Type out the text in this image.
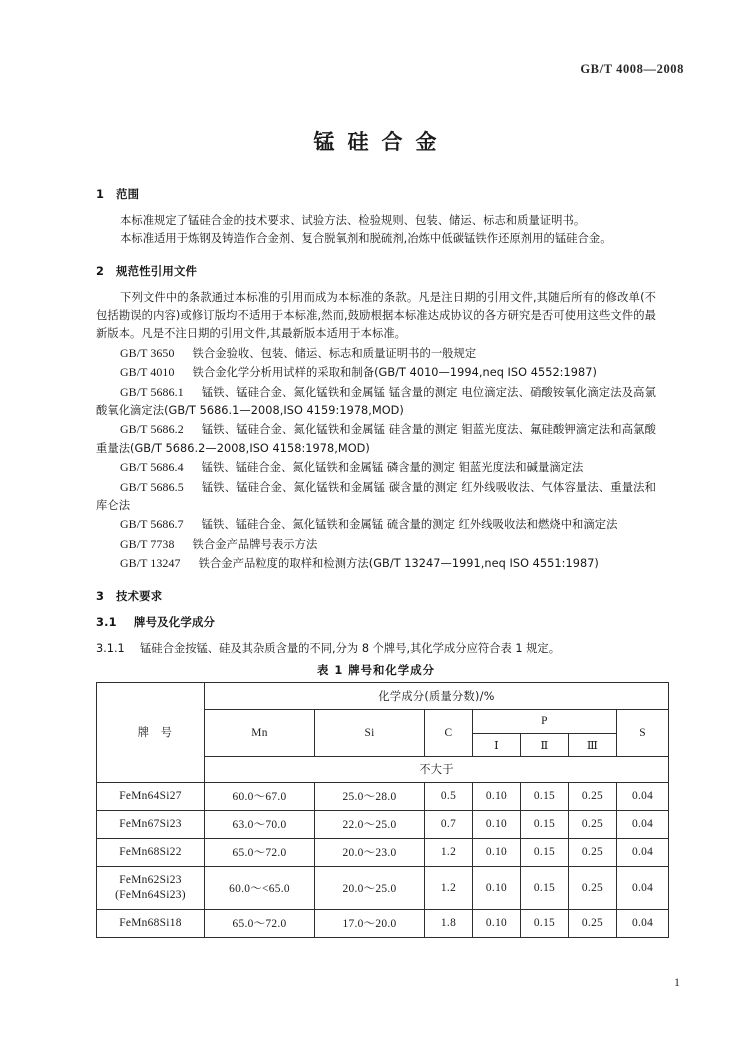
GB/T 4008—2008
锰硅合金
1 范围

本标准规定了锰硅合金的技术要求、试验方法、检验规则、包装、储运、标志和质量证明书。

本标准适用于炼钢及铸造作合金剂、复合脱氧剂和脱硫剂,冶炼中低碳锰铁作还原剂用的锰硅合金。

2 规范性引用文件

下列文件中的条款通过本标准的引用而成为本标准的条款。凡是注日期的引用文件,其随后所有的修改单(不包括勘误的内容)或修订版均不适用于本标准,然而,鼓励根据本标准达成协议的各方研究是否可使用这些文件的最新版本。凡是不注日期的引用文件,其最新版本适用于本标准。

GB/T 3650 铁合金验收、包装、储运、标志和质量证明书的一般规定
GB/T 4010 铁合金化学分析用试样的采取和制备(GB/T 4010—1994,neq ISO 4552:1987)
GB/T 5686.1 锰铁、锰硅合金、氮化锰铁和金属锰 锰含量的测定 电位滴定法、硝酸铵氧化滴定法及高氯酸氧化滴定法(GB/T 5686.1—2008,ISO 4159:1978,MOD)
GB/T 5686.2 锰铁、锰硅合金、氮化锰铁和金属锰 硅含量的测定 钼蓝光度法、氟硅酸钾滴定法和高氯酸重量法(GB/T 5686.2—2008,ISO 4158:1978,MOD)
GB/T 5686.4 锰铁、锰硅合金、氮化锰铁和金属锰 磷含量的测定 钼蓝光度法和碱量滴定法
GB/T 5686.5 锰铁、锰硅合金、氮化锰铁和金属锰 碳含量的测定 红外线吸收法、气体容量法、重量法和库仑法
GB/T 5686.7 锰铁、锰硅合金、氮化锰铁和金属锰 硫含量的测定 红外线吸收法和燃烧中和滴定法
GB/T 7738 铁合金产品牌号表示方法
GB/T 13247 铁合金产品粒度的取样和检测方法(GB/T 13247—1991,neq ISO 4551:1987)
3 技术要求
3.1 牌号及化学成分
3.1.1 锰硅合金按锰、硅及其杂质含量的不同,分为 8 个牌号,其化学成分应符合表 1 规定。
表 1 牌号和化学成分
牌　号	化学成分(质量分数)/%						
	Mn	Si	C	P			S
				Ⅰ	Ⅱ	Ⅲ	
	不大于						
FeMn64Si27	60.0～67.0	25.0～28.0	0.5	0.10	0.15	0.25	0.04
FeMn67Si23	63.0～70.0	22.0～25.0	0.7	0.10	0.15	0.25	0.04
FeMn68Si22	65.0～72.0	20.0～23.0	1.2	0.10	0.15	0.25	0.04

FeMn62Si23
(FeMn64Si23)	60.0～<65.0	20.0～25.0	1.2	0.10	0.15	0.25	0.04
FeMn68Si18	65.0～72.0	17.0～20.0	1.8	0.10	0.15	0.25	0.04
1
